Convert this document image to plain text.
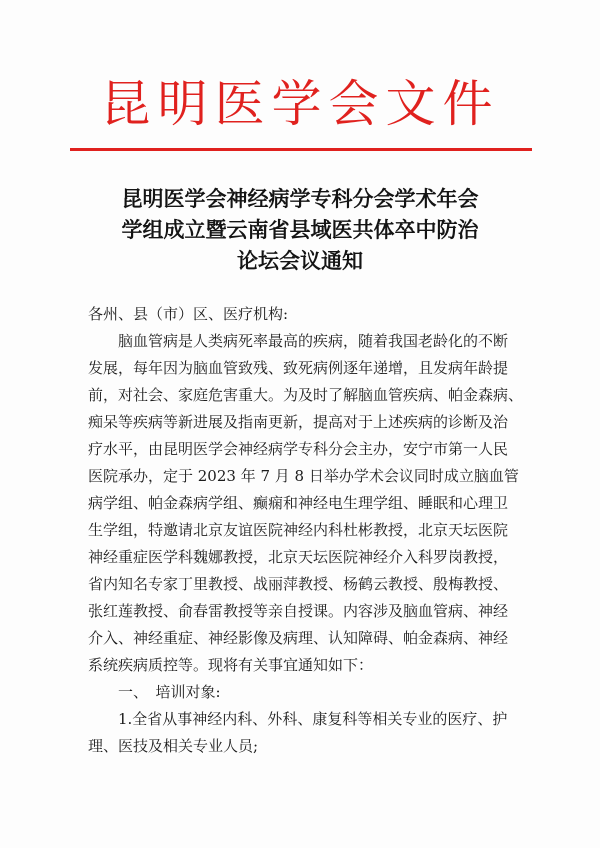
昆明医学会文件
昆明医学会神经病学专科分会学术年会
学组成立暨云南省县域医共体卒中防治
论坛会议通知
各州、县（市）区、医疗机构:
脑血管病是人类病死率最高的疾病，随着我国老龄化的不断
发展，每年因为脑血管致残、致死病例逐年递增，且发病年龄提
前，对社会、家庭危害重大。为及时了解脑血管疾病、帕金森病、
痴呆等疾病等新进展及指南更新，提高对于上述疾病的诊断及治
疗水平，由昆明医学会神经病学专科分会主办，安宁市第一人民
医院承办，定于 2023 年 7 月 8 日举办学术会议同时成立脑血管
病学组、帕金森病学组、癫痫和神经电生理学组、睡眠和心理卫
生学组，特邀请北京友谊医院神经内科杜彬教授，北京天坛医院
神经重症医学科魏娜教授，北京天坛医院神经介入科罗岗教授，
省内知名专家丁里教授、战丽萍教授、杨鹤云教授、殷梅教授、
张红莲教授、俞春雷教授等亲自授课。内容涉及脑血管病、神经
介入、神经重症、神经影像及病理、认知障碍、帕金森病、神经
系统疾病质控等。现将有关事宜通知如下：
一、　培训对象:
1.全省从事神经内科、外科、康复科等相关专业的医疗、护
理、医技及相关专业人员;
